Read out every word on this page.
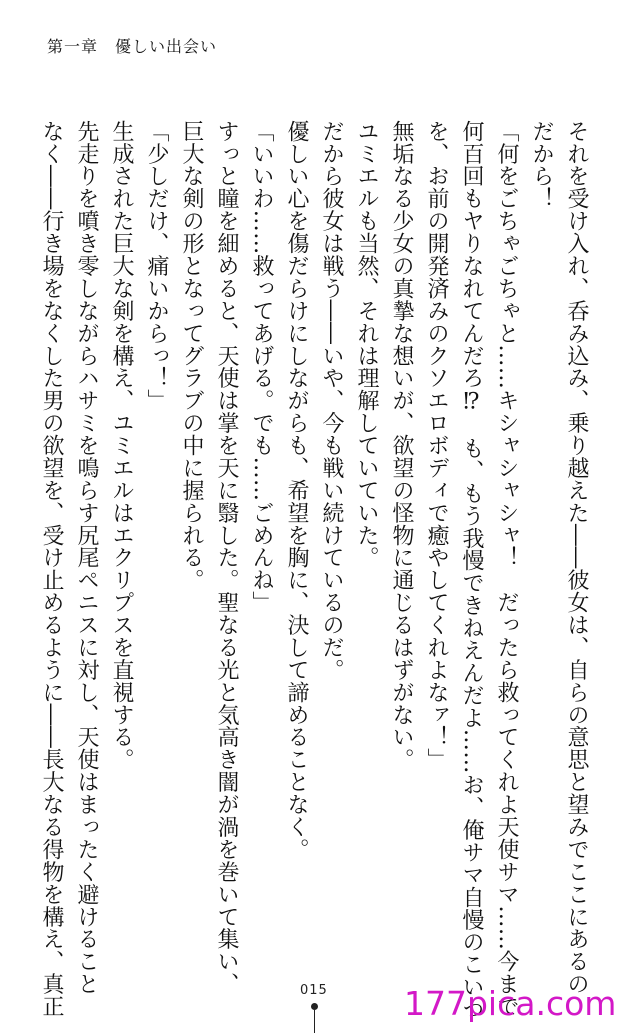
第一章　優しい出会い
それを受け入れ、呑み込み、乗り越えた――彼女は、自らの意思と望みでここにあるの
だから！
「何をごちゃごちゃと……キシャシャシャ！　だったら救ってくれよ天使サマ……今まで
何百回もヤりなれてんだろ⁉　も、もう我慢できねえんだよ……お、俺サマ自慢のこいつ
を、お前の開発済みのクソエロボディで癒やしてくれよなァ！」
無垢なる少女の真摯な想いが、欲望の怪物に通じるはずがない。
ユミエルも当然、それは理解していていた。
だから彼女は戦う――いや、今も戦い続けているのだ。
優しい心を傷だらけにしながらも、希望を胸に、決して諦めることなく。
「いいわ……救ってあげる。でも……ごめんね」
すっと瞳を細めると、天使は掌を天に翳した。聖なる光と気高き闇が渦を巻いて集い、
巨大な剣の形となってグラブの中に握られる。
「少しだけ、痛いからっ！」
生成された巨大な剣を構え、ユミエルはエクリプスを直視する。
先走りを噴き零しながらハサミを鳴らす尻尾ペニスに対し、天使はまったく避けること
なく――行き場をなくした男の欲望を、受け止めるように――長大なる得物を構え、真正	015 177pica.com
